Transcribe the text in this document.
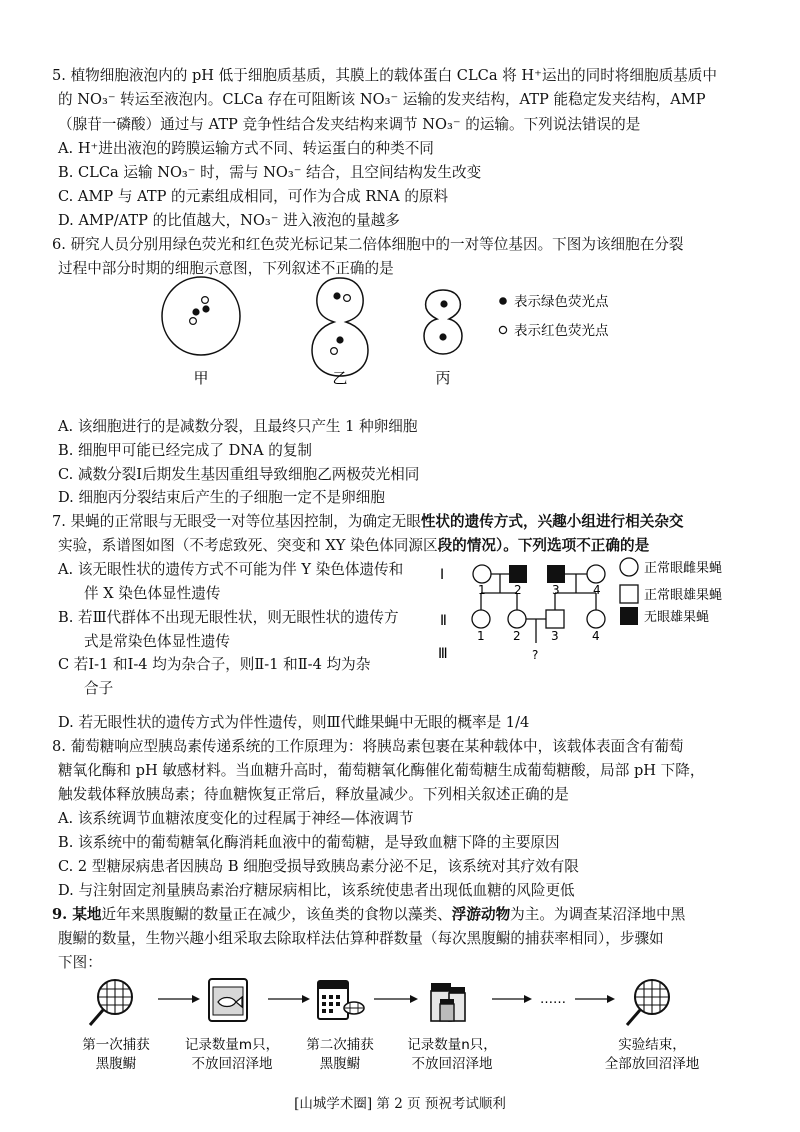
5. 植物细胞液泡内的 pH 低于细胞质基质，其膜上的载体蛋白 CLCa 将 H⁺运出的同时将细胞质基质中
的 NO₃⁻ 转运至液泡内。CLCa 存在可阻断该 NO₃⁻ 运输的发夹结构，ATP 能稳定发夹结构，AMP
（腺苷一磷酸）通过与 ATP 竞争性结合发夹结构来调节 NO₃⁻ 的运输。下列说法错误的是
A. H⁺进出液泡的跨膜运输方式不同、转运蛋白的种类不同
B. CLCa 运输 NO₃⁻ 时，需与 NO₃⁻ 结合，且空间结构发生改变
C. AMP 与 ATP 的元素组成相同，可作为合成 RNA 的原料
D. AMP/ATP 的比值越大，NO₃⁻ 进入液泡的量越多
6. 研究人员分别用绿色荧光和红色荧光标记某二倍体细胞中的一对等位基因。下图为该细胞在分裂
过程中部分时期的细胞示意图，下列叙述不正确的是
甲	乙	丙
表示绿色荧光点
表示红色荧光点
A. 该细胞进行的是减数分裂，且最终只产生 1 种卵细胞
B. 细胞甲可能已经完成了 DNA 的复制
C. 减数分裂Ⅰ后期发生基因重组导致细胞乙两极荧光相同
D. 细胞丙分裂结束后产生的子细胞一定不是卵细胞
7. 果蝇的正常眼与无眼受一对等位基因控制，为确定无眼性状的遗传方式，兴趣小组进行相关杂交
实验，系谱图如图（不考虑致死、突变和 XY 染色体同源区段的情况）。下列选项不正确的是
A. 该无眼性状的遗传方式不可能为伴 Y 染色体遗传和
伴 X 染色体显性遗传
B. 若Ⅲ代群体不出现无眼性状，则无眼性状的遗传方
式是常染色体显性遗传
C 若Ⅰ-1 和Ⅰ-4 均为杂合子，则Ⅱ-1 和Ⅱ-4 均为杂
合子
D. 若无眼性状的遗传方式为伴性遗传，则Ⅲ代雌果蝇中无眼的概率是 1/4
Ⅰ
Ⅱ
Ⅲ
1 2	3	4
1 2	3	4
?
正常眼雌果蝇
正常眼雄果蝇
无眼雄果蝇
8. 葡萄糖响应型胰岛素传递系统的工作原理为：将胰岛素包裹在某种载体中，该载体表面含有葡萄
糖氧化酶和 pH 敏感材料。当血糖升高时，葡萄糖氧化酶催化葡萄糖生成葡萄糖酸，局部 pH 下降，
触发载体释放胰岛素；待血糖恢复正常后，释放量减少。下列相关叙述正确的是
A. 该系统调节血糖浓度变化的过程属于神经—体液调节
B. 该系统中的葡萄糖氧化酶消耗血液中的葡萄糖，是导致血糖下降的主要原因
C. 2 型糖尿病患者因胰岛 B 细胞受损导致胰岛素分泌不足，该系统对其疗效有限
D. 与注射固定剂量胰岛素治疗糖尿病相比，该系统使患者出现低血糖的风险更低
9. 某地近年来黑腹鳚的数量正在减少，该鱼类的食物以藻类、浮游动物为主。为调查某沼泽地中黑
腹鳚的数量，生物兴趣小组采取去除取样法估算种群数量（每次黑腹鳚的捕获率相同），步骤如
下图：
……
第一次捕获
黑腹鳚
记录数量m只，
不放回沼泽地
第二次捕获
黑腹鳚
记录数量n只，
不放回沼泽地
实验结束，
全部放回沼泽地
[山城学术圈] 第 2 页 预祝考试顺利
